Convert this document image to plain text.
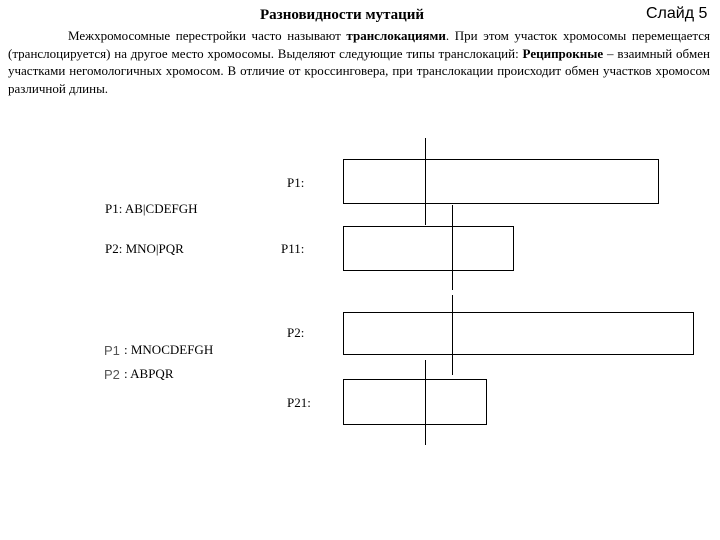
Разновидности мутаций	Слайд 5

Межхромосомные перестройки часто называют транслокациями. При этом участок хромосомы перемещается (транслоцируется) на другое место хромосомы. Выделяют следующие типы транслокаций: Реципрокные – взаимный обмен участками негомологичных хромосом. В отличие от кроссинговера, при транслокации происходит обмен участков хромосом различной длины.

P1: AB|CDEFGH
P2: MNO|PQR
P1 : MNOCDEFGH
P2 : ABPQR
P1:
P11:
P2:
P21:
